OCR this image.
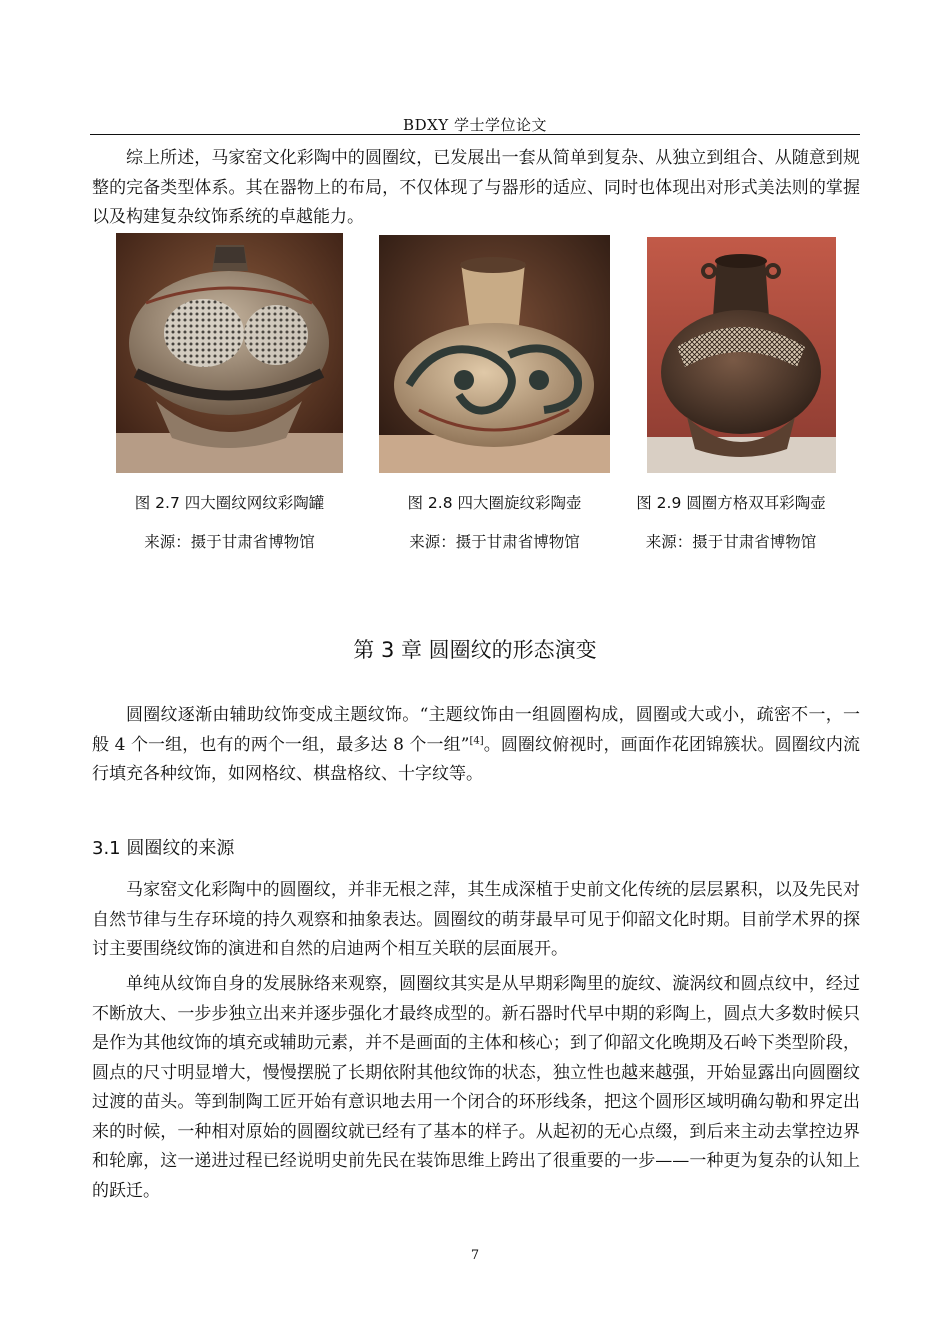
BDXY 学士学位论文

综上所述，马家窑文化彩陶中的圆圈纹，已发展出一套从简单到复杂、从独立到组合、从随意到规整的完备类型体系。其在器物上的布局，不仅体现了与器形的适应、同时也体现出对形式美法则的掌握以及构建复杂纹饰系统的卓越能力。

图 2.7 四大圈纹网纹彩陶罐
来源：摄于甘肃省博物馆
图 2.8 四大圈旋纹彩陶壶
来源：摄于甘肃省博物馆
图 2.9 圆圈方格双耳彩陶壶
来源：摄于甘肃省博物馆
第 3 章 圆圈纹的形态演变

圆圈纹逐渐由辅助纹饰变成主题纹饰。“主题纹饰由一组圆圈构成，圆圈或大或小，疏密不一，一般 4 个一组，也有的两个一组，最多达 8 个一组”[4]。圆圈纹俯视时，画面作花团锦簇状。圆圈纹内流行填充各种纹饰，如网格纹、棋盘格纹、十字纹等。

3.1 圆圈纹的来源

马家窑文化彩陶中的圆圈纹，并非无根之萍，其生成深植于史前文化传统的层层累积，以及先民对自然节律与生存环境的持久观察和抽象表达。圆圈纹的萌芽最早可见于仰韶文化时期。目前学术界的探讨主要围绕纹饰的演进和自然的启迪两个相互关联的层面展开。

单纯从纹饰自身的发展脉络来观察，圆圈纹其实是从早期彩陶里的旋纹、漩涡纹和圆点纹中，经过不断放大、一步步独立出来并逐步强化才最终成型的。新石器时代早中期的彩陶上，圆点大多数时候只是作为其他纹饰的填充或辅助元素，并不是画面的主体和核心；到了仰韶文化晚期及石岭下类型阶段，圆点的尺寸明显增大，慢慢摆脱了长期依附其他纹饰的状态，独立性也越来越强，开始显露出向圆圈纹过渡的苗头。等到制陶工匠开始有意识地去用一个闭合的环形线条，把这个圆形区域明确勾勒和界定出来的时候，一种相对原始的圆圈纹就已经有了基本的样子。从起初的无心点缀，到后来主动去掌控边界和轮廓，这一递进过程已经说明史前先民在装饰思维上跨出了很重要的一步——一种更为复杂的认知上的跃迁。

7
